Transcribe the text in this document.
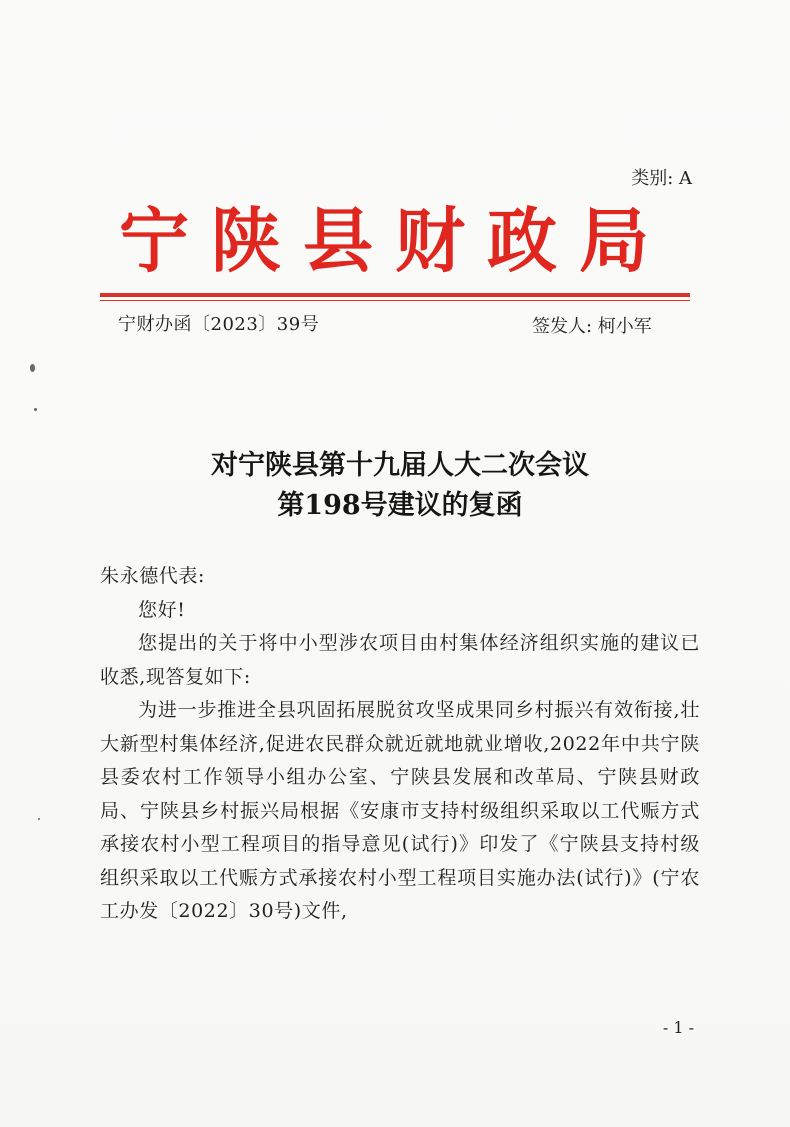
类别: A
宁陕县财政局
宁财办函〔2023〕39号	签发人: 柯小军
对宁陕县第十九届人大二次会议
第198号建议的复函

朱永德代表:

您好!

您提出的关于将中小型涉农项目由村集体经济组织实施的建议已收悉,现答复如下:

为进一步推进全县巩固拓展脱贫攻坚成果同乡村振兴有效衔接,壮大新型村集体经济,促进农民群众就近就地就业增收,2022年中共宁陕县委农村工作领导小组办公室、宁陕县发展和改革局、宁陕县财政局、宁陕县乡村振兴局根据《安康市支持村级组织采取以工代赈方式承接农村小型工程项目的指导意见(试行)》印发了《宁陕县支持村级组织采取以工代赈方式承接农村小型工程项目实施办法(试行)》(宁农工办发〔2022〕30号)文件,

- 1 -
